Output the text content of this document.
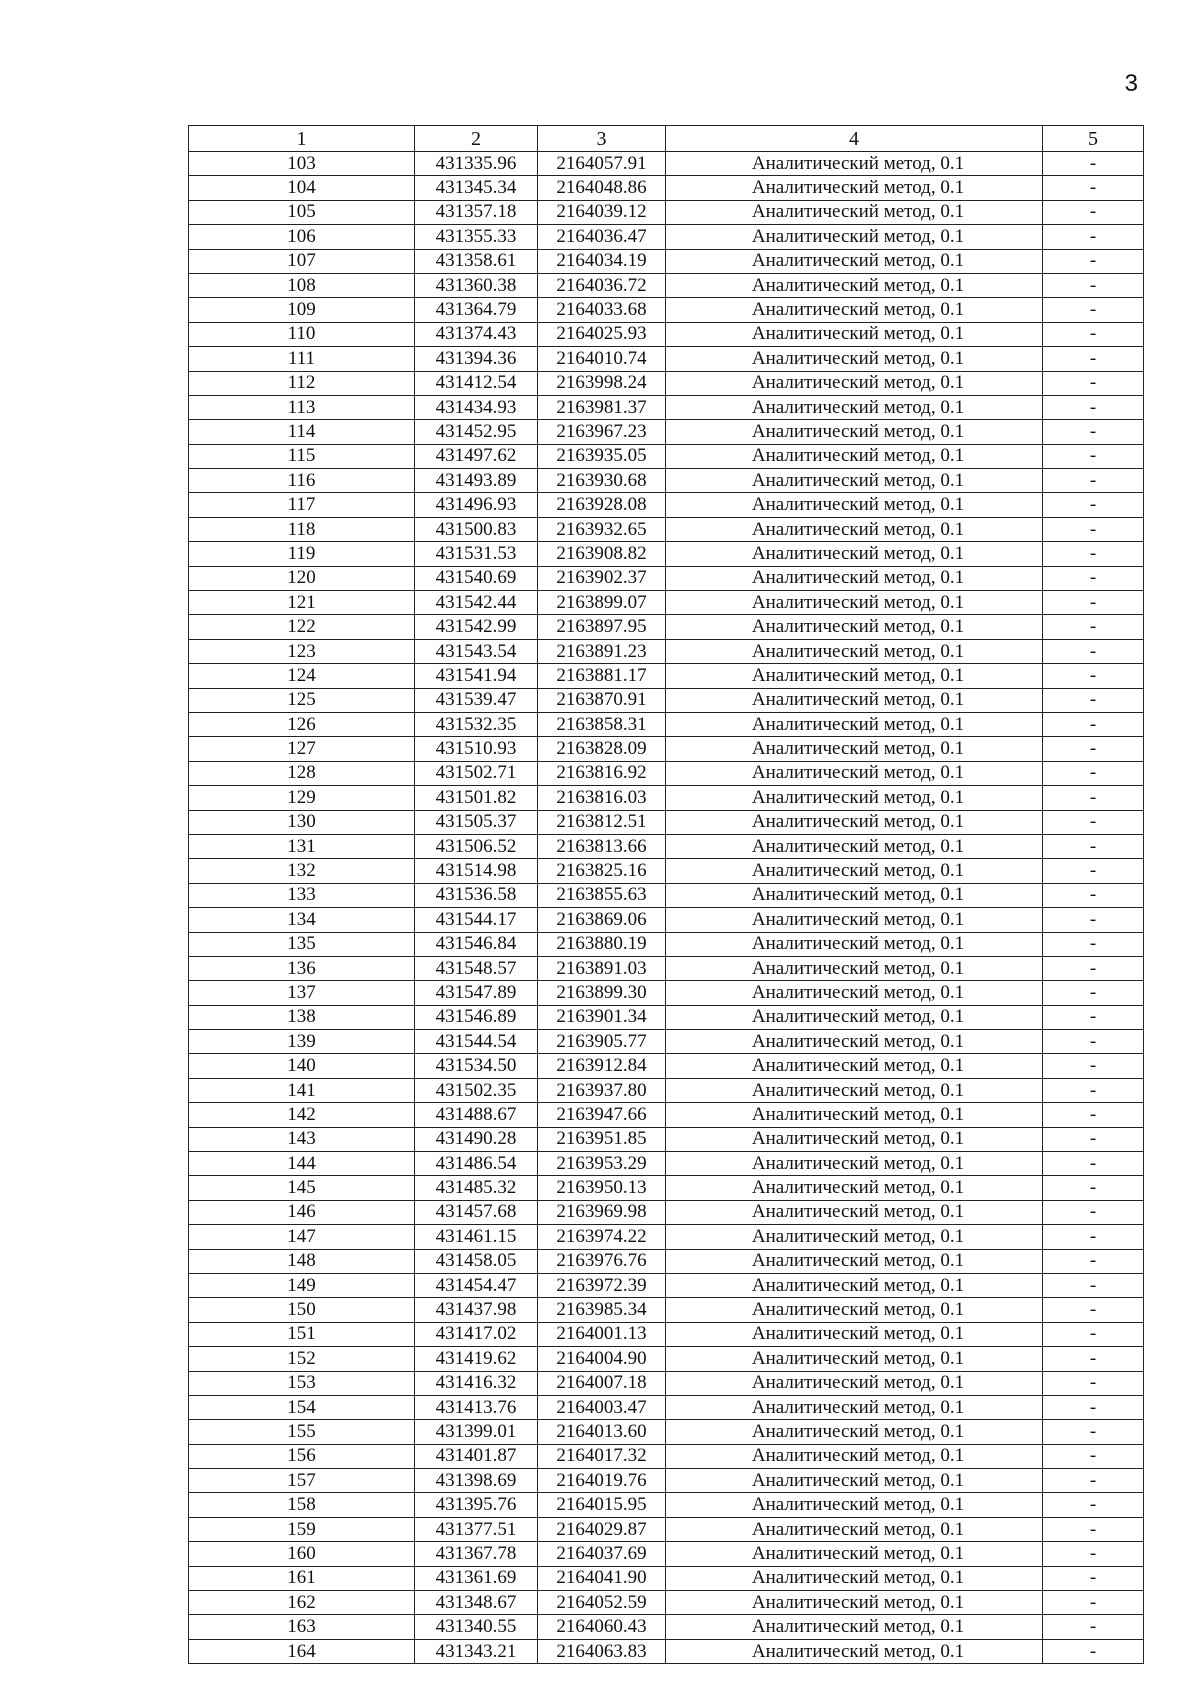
3
1	2	3	4	5
103	431335.96	2164057.91	Аналитический метод, 0.1	-
104	431345.34	2164048.86	Аналитический метод, 0.1	-
105	431357.18	2164039.12	Аналитический метод, 0.1	-
106	431355.33	2164036.47	Аналитический метод, 0.1	-
107	431358.61	2164034.19	Аналитический метод, 0.1	-
108	431360.38	2164036.72	Аналитический метод, 0.1	-
109	431364.79	2164033.68	Аналитический метод, 0.1	-
110	431374.43	2164025.93	Аналитический метод, 0.1	-
111	431394.36	2164010.74	Аналитический метод, 0.1	-
112	431412.54	2163998.24	Аналитический метод, 0.1	-
113	431434.93	2163981.37	Аналитический метод, 0.1	-
114	431452.95	2163967.23	Аналитический метод, 0.1	-
115	431497.62	2163935.05	Аналитический метод, 0.1	-
116	431493.89	2163930.68	Аналитический метод, 0.1	-
117	431496.93	2163928.08	Аналитический метод, 0.1	-
118	431500.83	2163932.65	Аналитический метод, 0.1	-
119	431531.53	2163908.82	Аналитический метод, 0.1	-
120	431540.69	2163902.37	Аналитический метод, 0.1	-
121	431542.44	2163899.07	Аналитический метод, 0.1	-
122	431542.99	2163897.95	Аналитический метод, 0.1	-
123	431543.54	2163891.23	Аналитический метод, 0.1	-
124	431541.94	2163881.17	Аналитический метод, 0.1	-
125	431539.47	2163870.91	Аналитический метод, 0.1	-
126	431532.35	2163858.31	Аналитический метод, 0.1	-
127	431510.93	2163828.09	Аналитический метод, 0.1	-
128	431502.71	2163816.92	Аналитический метод, 0.1	-
129	431501.82	2163816.03	Аналитический метод, 0.1	-
130	431505.37	2163812.51	Аналитический метод, 0.1	-
131	431506.52	2163813.66	Аналитический метод, 0.1	-
132	431514.98	2163825.16	Аналитический метод, 0.1	-
133	431536.58	2163855.63	Аналитический метод, 0.1	-
134	431544.17	2163869.06	Аналитический метод, 0.1	-
135	431546.84	2163880.19	Аналитический метод, 0.1	-
136	431548.57	2163891.03	Аналитический метод, 0.1	-
137	431547.89	2163899.30	Аналитический метод, 0.1	-
138	431546.89	2163901.34	Аналитический метод, 0.1	-
139	431544.54	2163905.77	Аналитический метод, 0.1	-
140	431534.50	2163912.84	Аналитический метод, 0.1	-
141	431502.35	2163937.80	Аналитический метод, 0.1	-
142	431488.67	2163947.66	Аналитический метод, 0.1	-
143	431490.28	2163951.85	Аналитический метод, 0.1	-
144	431486.54	2163953.29	Аналитический метод, 0.1	-
145	431485.32	2163950.13	Аналитический метод, 0.1	-
146	431457.68	2163969.98	Аналитический метод, 0.1	-
147	431461.15	2163974.22	Аналитический метод, 0.1	-
148	431458.05	2163976.76	Аналитический метод, 0.1	-
149	431454.47	2163972.39	Аналитический метод, 0.1	-
150	431437.98	2163985.34	Аналитический метод, 0.1	-
151	431417.02	2164001.13	Аналитический метод, 0.1	-
152	431419.62	2164004.90	Аналитический метод, 0.1	-
153	431416.32	2164007.18	Аналитический метод, 0.1	-
154	431413.76	2164003.47	Аналитический метод, 0.1	-
155	431399.01	2164013.60	Аналитический метод, 0.1	-
156	431401.87	2164017.32	Аналитический метод, 0.1	-
157	431398.69	2164019.76	Аналитический метод, 0.1	-
158	431395.76	2164015.95	Аналитический метод, 0.1	-
159	431377.51	2164029.87	Аналитический метод, 0.1	-
160	431367.78	2164037.69	Аналитический метод, 0.1	-
161	431361.69	2164041.90	Аналитический метод, 0.1	-
162	431348.67	2164052.59	Аналитический метод, 0.1	-
163	431340.55	2164060.43	Аналитический метод, 0.1	-
164	431343.21	2164063.83	Аналитический метод, 0.1	-
